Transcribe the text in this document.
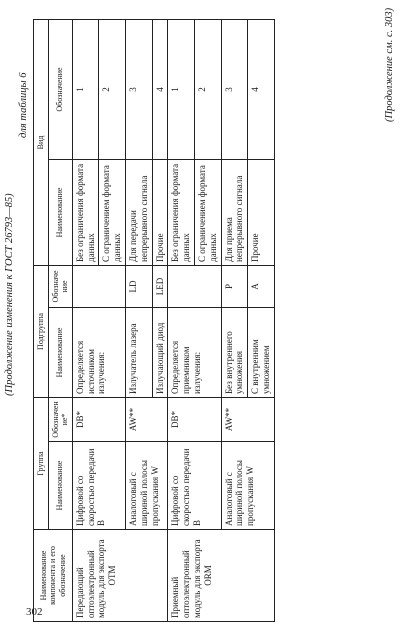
302
(Продолжение изменения к ГОСТ 26793—85)
для таблицы 6
Наименование компонента и его обозначение	Группа		Подгруппа		Вид	
	Наименование	Обозначение*	Наименование	Обозначение	Наименование	Обозначение

Передающий оптоэлектронный модуль для экспорта OTM	Цифровой со скоростью передачи В	DB*	Определяется источником излучения:		Без ограничения формата данных	1
					С ограничением формата данных	2
	Аналоговый с шириной полосы пропускания W	AW**	Излучатель лазера	LD	Для передачи непрерывного сигнала	3
			Излучающий диод	LED	Прочие	4

Приемный оптоэлектронный модуль для экспорта ORM	Цифровой со скоростью передачи В	DB*	Определяется приемником излучения:		Без ограничения формата данных	1
					С ограничением формата данных	2
	Аналоговый с шириной полосы пропускания W	AW**	Без внутреннего умножения	P	Для приема непрерывного сигнала	3
			С внутренним умножением	A	Прочие	4	(Продолжение см. с. 303)
